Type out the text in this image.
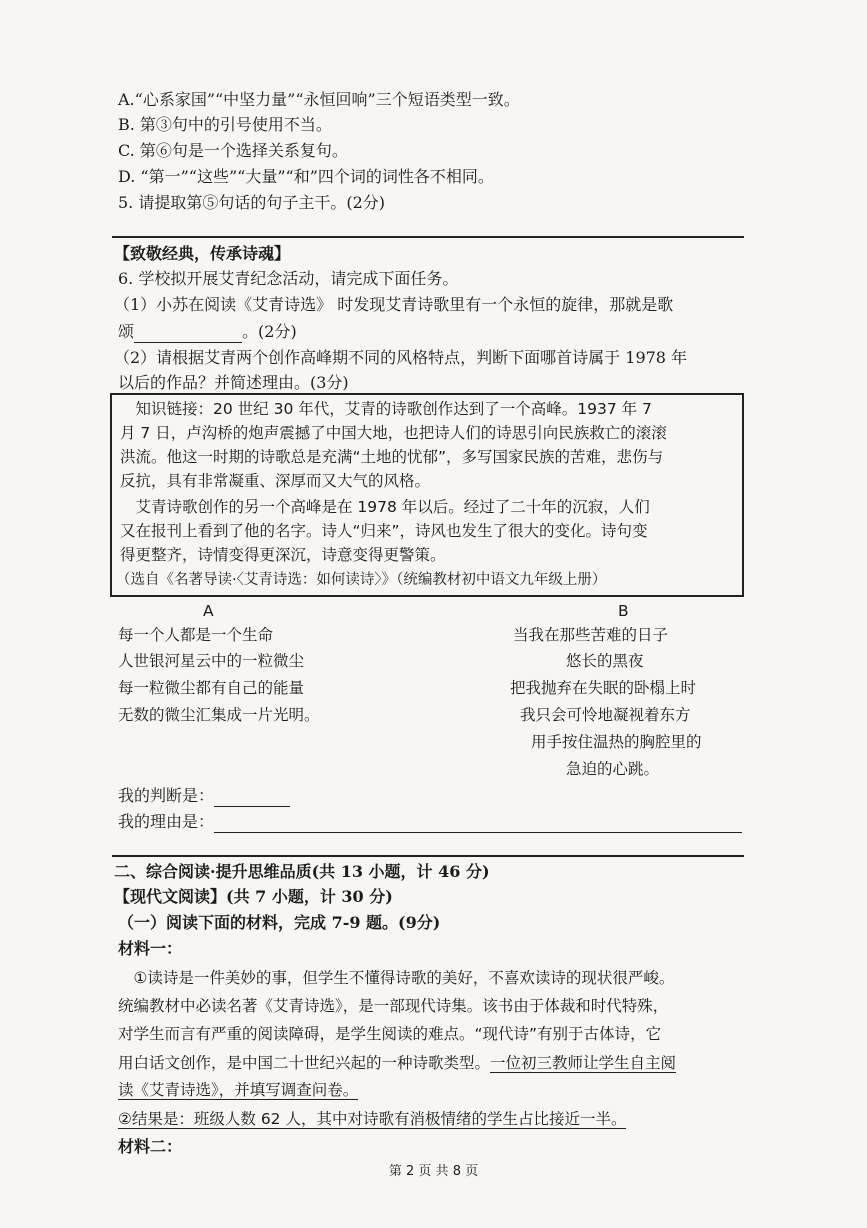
A.“心系家国”“中坚力量”“永恒回响”三个短语类型一致。
B. 第③句中的引号使用不当。
C. 第⑥句是一个选择关系复句。
D. “第一”“这些”“大量”“和”四个词的词性各不相同。
5. 请提取第⑤句话的句子主干。(2分)
【致敬经典，传承诗魂】
6. 学校拟开展艾青纪念活动，请完成下面任务。
（1）小苏在阅读《艾青诗选》 时发现艾青诗歌里有一个永恒的旋律，那就是歌
颂	。(2分)
（2）请根据艾青两个创作高峰期不同的风格特点，判断下面哪首诗属于 1978 年
以后的作品？并简述理由。(3分)
　知识链接：20 世纪 30 年代，艾青的诗歌创作达到了一个高峰。1937 年 7
月 7 日，卢沟桥的炮声震撼了中国大地，也把诗人们的诗思引向民族救亡的滚滚
洪流。他这一时期的诗歌总是充满“土地的忧郁”，多写国家民族的苦难，悲伤与
反抗，具有非常凝重、深厚而又大气的风格。
　艾青诗歌创作的另一个高峰是在 1978 年以后。经过了二十年的沉寂，人们
又在报刊上看到了他的名字。诗人“归来”，诗风也发生了很大的变化。诗句变
得更整齐，诗情变得更深沉，诗意变得更警策。
（选自《名著导读·〈艾青诗选：如何读诗〉》（统编教材初中语文九年级上册）
A	B
每一个人都是一个生命
人世银河星云中的一粒微尘
每一粒微尘都有自己的能量
无数的微尘汇集成一片光明。
当我在那些苦难的日子
悠长的黑夜
把我抛弃在失眠的卧榻上时
我只会可怜地凝视着东方
用手按住温热的胸腔里的
急迫的心跳。
我的判断是：
我的理由是：
二、综合阅读·提升思维品质(共 13 小题，计 46 分)
【现代文阅读】(共 7 小题，计 30 分)
（一）阅读下面的材料，完成 7-9 题。(9分)
材料一：
　①读诗是一件美妙的事，但学生不懂得诗歌的美好，不喜欢读诗的现状很严峻。
统编教材中必读名著《艾青诗选》，是一部现代诗集。该书由于体裁和时代特殊，
对学生而言有严重的阅读障碍，是学生阅读的难点。“现代诗”有别于古体诗，它
用白话文创作，是中国二十世纪兴起的一种诗歌类型。一位初三教师让学生自主阅
读《艾青诗选》，并填写调查问卷。
②结果是：班级人数 62 人，其中对诗歌有消极情绪的学生占比接近一半。
材料二：
第 2 页 共 8 页
